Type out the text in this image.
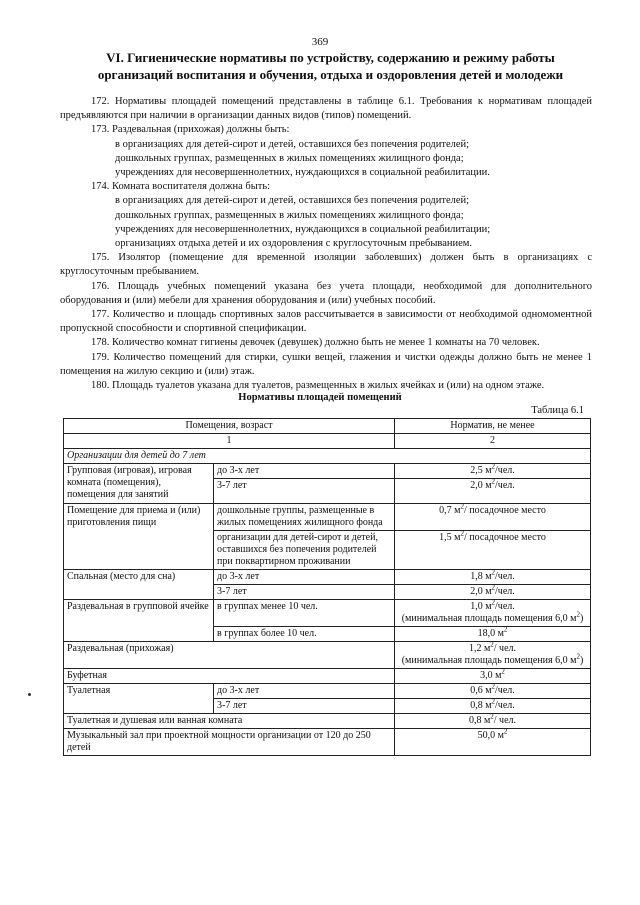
369
VI. Гигиенические нормативы по устройству, содержанию и режиму работы
организаций воспитания и обучения, отдыха и оздоровления детей и молодежи

172. Нормативы площадей помещений представлены в таблице 6.1. Требования к нормативам площадей предъявляются при наличии в организации данных видов (типов) помещений.

173. Раздевальная (прихожая) должны быть:

в организациях для детей-сирот и детей, оставшихся без попечения родителей;

дошкольных группах, размещенных в жилых помещениях жилищного фонда;

учреждениях для несовершеннолетних, нуждающихся в социальной реабилитации.

174. Комната воспитателя должна быть:

в организациях для детей-сирот и детей, оставшихся без попечения родителей;

дошкольных группах, размещенных в жилых помещениях жилищного фонда;

учреждениях для несовершеннолетних, нуждающихся в социальной реабилитации;

организациях отдыха детей и их оздоровления с круглосуточным пребыванием.

175. Изолятор (помещение для временной изоляции заболевших) должен быть в организациях с круглосуточным пребыванием.

176. Площадь учебных помещений указана без учета площади, необходимой для дополнительного оборудования и (или) мебели для хранения оборудования и (или) учебных пособий.

177. Количество и площадь спортивных залов рассчитывается в зависимости от необходимой одномоментной пропускной способности и спортивной спецификации.

178. Количество комнат гигиены девочек (девушек) должно быть не менее 1 комнаты на 70 человек.

179. Количество помещений для стирки, сушки вещей, глажения и чистки одежды должно быть не менее 1 помещения на жилую секцию и (или) этаж.

180. Площадь туалетов указана для туалетов, размещенных в жилых ячейках и (или) на одном этаже.

Нормативы площадей помещений
Таблица 6.1
Помещения, возраст		Норматив, не менее
1		2
Организации для детей до 7 лет		
Групповая (игровая), игровая комната (помещения), помещения для занятий	до 3-х лет	2,5 $м^2$/чел.
	3-7 лет	2,0 $м^2$/чел.
Помещение для приема и (или) приготовления пищи	дошкольные группы, размещенные в жилых помещениях жилищного фонда	0,7 $м^2/$ посадочное место
	организации для детей-сирот и детей, оставшихся без попечения родителей при поквартирном проживании	1,5 $м^2/$ посадочное место
Спальная (место для сна)	до 3-х лет	1,8 $м^2$/чел.
	3-7 лет	2,0 $м^2$/чел.
Раздевальная в групповой ячейке	в группах менее 10 чел.	1,0 $м^2$/чел.
(минимальная площадь помещения 6,0 $м^2$)
	в группах более 10 чел.	18,0 $м^2$
Раздевальная (прихожая)		1,2 $м^2/$ чел.
(минимальная площадь помещения 6,0 $м^2$)
Буфетная		3,0 $м^2$
Туалетная	до 3-х лет	0,6 $м^2$/чел.
	3-7 лет	0,8 $м^2$/чел.
Туалетная и душевая или ванная комната		0,8 $м^2/$ чел.
Музыкальный зал при проектной мощности организации от 120 до 250 детей		50,0 $м^2$
